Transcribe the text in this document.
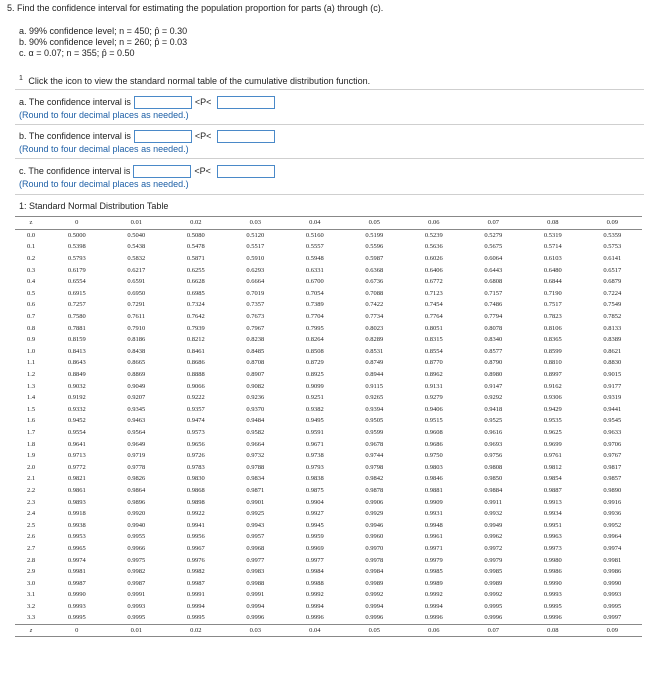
5. Find the confidence interval for estimating the population proportion for parts (a) through (c).
a. 99% confidence level; n = 450; p̂ = 0.30
b. 90% confidence level; n = 260; p̂ = 0.03
c. α = 0.07; n = 355; p̂ = 0.50
$^1$ Click the icon to view the standard normal table of the cumulative distribution function.
a. The confidence interval is	<P<
(Round to four decimal places as needed.)
b. The confidence interval is	<P<
(Round to four decimal places as needed.)
c. The confidence interval is	<P<
(Round to four decimal places as needed.)
1: Standard Normal Distribution Table
z	0	0.01	0.02	0.03	0.04	0.05	0.06	0.07	0.08	0.09
0.0	0.5000	0.5040	0.5080	0.5120	0.5160	0.5199	0.5239	0.5279	0.5319	0.5359
0.1	0.5398	0.5438	0.5478	0.5517	0.5557	0.5596	0.5636	0.5675	0.5714	0.5753
0.2	0.5793	0.5832	0.5871	0.5910	0.5948	0.5987	0.6026	0.6064	0.6103	0.6141
0.3	0.6179	0.6217	0.6255	0.6293	0.6331	0.6368	0.6406	0.6443	0.6480	0.6517
0.4	0.6554	0.6591	0.6628	0.6664	0.6700	0.6736	0.6772	0.6808	0.6844	0.6879
0.5	0.6915	0.6950	0.6985	0.7019	0.7054	0.7088	0.7123	0.7157	0.7190	0.7224
0.6	0.7257	0.7291	0.7324	0.7357	0.7389	0.7422	0.7454	0.7486	0.7517	0.7549
0.7	0.7580	0.7611	0.7642	0.7673	0.7704	0.7734	0.7764	0.7794	0.7823	0.7852
0.8	0.7881	0.7910	0.7939	0.7967	0.7995	0.8023	0.8051	0.8078	0.8106	0.8133
0.9	0.8159	0.8186	0.8212	0.8238	0.8264	0.8289	0.8315	0.8340	0.8365	0.8389
1.0	0.8413	0.8438	0.8461	0.8485	0.8508	0.8531	0.8554	0.8577	0.8599	0.8621
1.1	0.8643	0.8665	0.8686	0.8708	0.8729	0.8749	0.8770	0.8790	0.8810	0.8830
1.2	0.8849	0.8869	0.8888	0.8907	0.8925	0.8944	0.8962	0.8980	0.8997	0.9015
1.3	0.9032	0.9049	0.9066	0.9082	0.9099	0.9115	0.9131	0.9147	0.9162	0.9177
1.4	0.9192	0.9207	0.9222	0.9236	0.9251	0.9265	0.9279	0.9292	0.9306	0.9319
1.5	0.9332	0.9345	0.9357	0.9370	0.9382	0.9394	0.9406	0.9418	0.9429	0.9441
1.6	0.9452	0.9463	0.9474	0.9484	0.9495	0.9505	0.9515	0.9525	0.9535	0.9545
1.7	0.9554	0.9564	0.9573	0.9582	0.9591	0.9599	0.9608	0.9616	0.9625	0.9633
1.8	0.9641	0.9649	0.9656	0.9664	0.9671	0.9678	0.9686	0.9693	0.9699	0.9706
1.9	0.9713	0.9719	0.9726	0.9732	0.9738	0.9744	0.9750	0.9756	0.9761	0.9767
2.0	0.9772	0.9778	0.9783	0.9788	0.9793	0.9798	0.9803	0.9808	0.9812	0.9817
2.1	0.9821	0.9826	0.9830	0.9834	0.9838	0.9842	0.9846	0.9850	0.9854	0.9857
2.2	0.9861	0.9864	0.9868	0.9871	0.9875	0.9878	0.9881	0.9884	0.9887	0.9890
2.3	0.9893	0.9896	0.9898	0.9901	0.9904	0.9906	0.9909	0.9911	0.9913	0.9916
2.4	0.9918	0.9920	0.9922	0.9925	0.9927	0.9929	0.9931	0.9932	0.9934	0.9936
2.5	0.9938	0.9940	0.9941	0.9943	0.9945	0.9946	0.9948	0.9949	0.9951	0.9952
2.6	0.9953	0.9955	0.9956	0.9957	0.9959	0.9960	0.9961	0.9962	0.9963	0.9964
2.7	0.9965	0.9966	0.9967	0.9968	0.9969	0.9970	0.9971	0.9972	0.9973	0.9974
2.8	0.9974	0.9975	0.9976	0.9977	0.9977	0.9978	0.9979	0.9979	0.9980	0.9981
2.9	0.9981	0.9982	0.9982	0.9983	0.9984	0.9984	0.9985	0.9985	0.9986	0.9986
3.0	0.9987	0.9987	0.9987	0.9988	0.9988	0.9989	0.9989	0.9989	0.9990	0.9990
3.1	0.9990	0.9991	0.9991	0.9991	0.9992	0.9992	0.9992	0.9992	0.9993	0.9993
3.2	0.9993	0.9993	0.9994	0.9994	0.9994	0.9994	0.9994	0.9995	0.9995	0.9995
3.3	0.9995	0.9995	0.9995	0.9996	0.9996	0.9996	0.9996	0.9996	0.9996	0.9997
z	0	0.01	0.02	0.03	0.04	0.05	0.06	0.07	0.08	0.09
